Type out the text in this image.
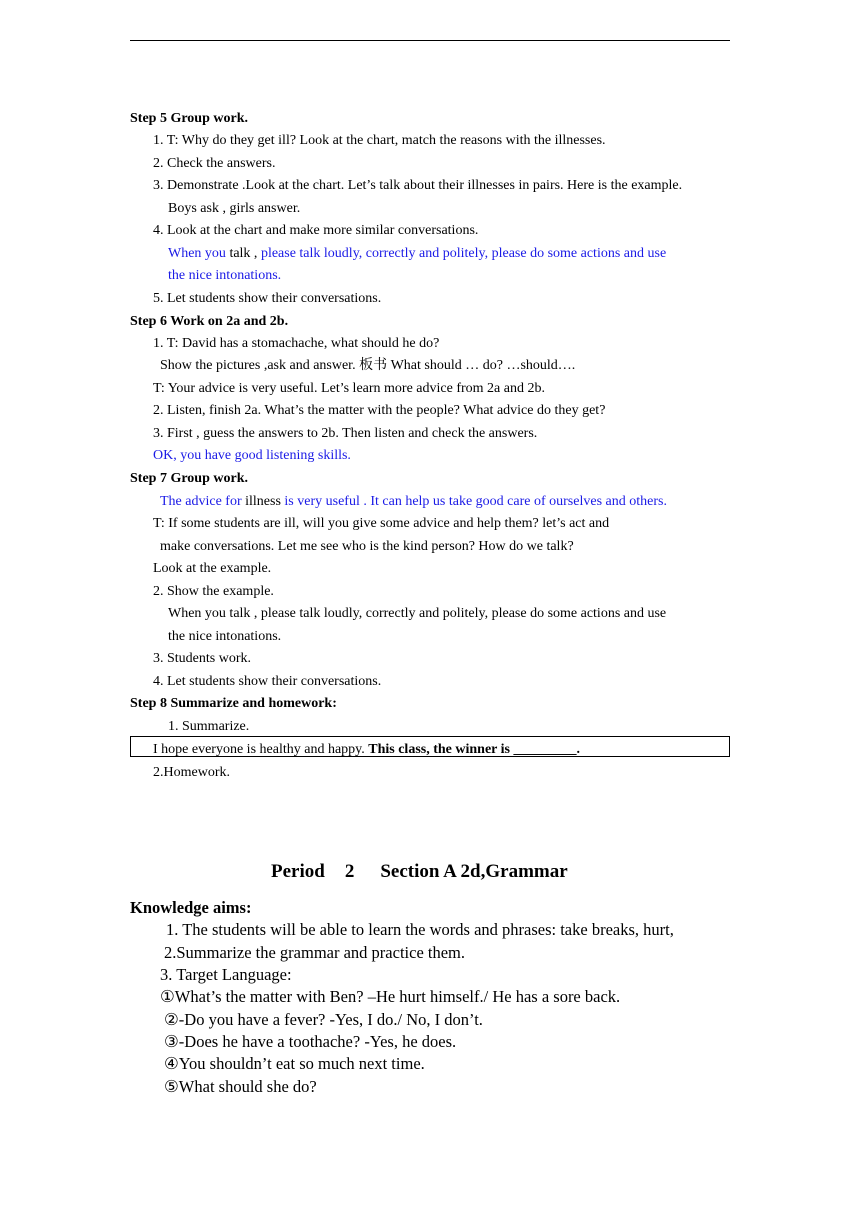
Step 5 Group work.
1. T: Why do they get ill? Look at the chart, match the reasons with the illnesses.
2. Check the answers.
3. Demonstrate .Look at the chart. Let’s talk about their illnesses in pairs. Here is the example.
Boys ask , girls answer.
4. Look at the chart and make more similar conversations.
When you talk , please talk loudly, correctly and politely, please do some actions and use
the nice intonations.
5. Let students show their conversations.
Step 6 Work on 2a and 2b.
1. T: David has a stomachache, what should he do?
Show the pictures ,ask and answer. 板书 What should … do? …should….
T: Your advice is very useful. Let’s learn more advice from 2a and 2b.
2. Listen, finish 2a. What’s the matter with the people? What advice do they get?
3. First , guess the answers to 2b. Then listen and check the answers.
OK, you have good listening skills.
Step 7 Group work.
The advice for illness is very useful . It can help us take good care of ourselves and others.
T: If some students are ill, will you give some advice and help them? let’s act and
make conversations. Let me see who is the kind person? How do we talk?
Look at the example.
2. Show the example.
When you talk , please talk loudly, correctly and politely, please do some actions and use
the nice intonations.
3. Students work.
4. Let students show their conversations.
Step 8 Summarize and homework:
1. Summarize.
I hope everyone is healthy and happy. This class, the winner is _________.
2.Homework.
Period 2 Section A 2d,Grammar
Knowledge aims:
1. The students will be able to learn the words and phrases: take breaks, hurt,
2.Summarize the grammar and practice them.
3. Target Language:
①What’s the matter with Ben? –He hurt himself./ He has a sore back.
②-Do you have a fever? -Yes, I do./ No, I don’t.
③-Does he have a toothache? -Yes, he does.
④You shouldn’t eat so much next time.
⑤What should she do?
